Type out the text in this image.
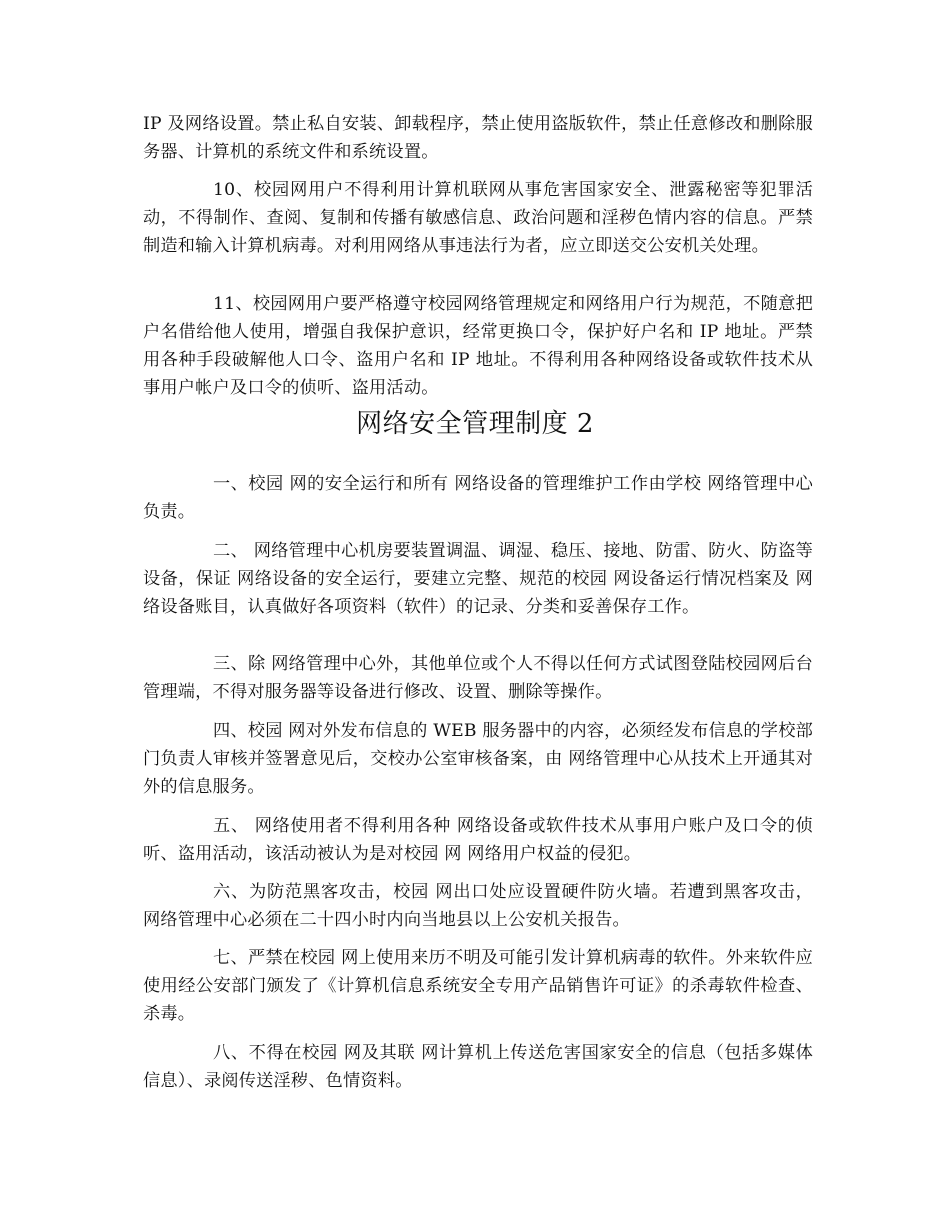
IP 及网络设置。禁止私自安装、卸载程序，禁止使用盗版软件，禁止任意修改和删除服务器、计算机的系统文件和系统设置。

10、校园网用户不得利用计算机联网从事危害国家安全、泄露秘密等犯罪活动，不得制作、查阅、复制和传播有敏感信息、政治问题和淫秽色情内容的信息。严禁制造和输入计算机病毒。对利用网络从事违法行为者，应立即送交公安机关处理。

11、校园网用户要严格遵守校园网络管理规定和网络用户行为规范，不随意把户名借给他人使用，增强自我保护意识，经常更换口令，保护好户名和 IP 地址。严禁用各种手段破解他人口令、盗用户名和 IP 地址。不得利用各种网络设备或软件技术从事用户帐户及口令的侦听、盗用活动。

网络安全管理制度 2

一、校园 网的安全运行和所有 网络设备的管理维护工作由学校 网络管理中心负责。

二、 网络管理中心机房要装置调温、调湿、稳压、接地、防雷、防火、防盗等设备，保证 网络设备的安全运行，要建立完整、规范的校园 网设备运行情况档案及 网络设备账目，认真做好各项资料（软件）的记录、分类和妥善保存工作。

三、除 网络管理中心外，其他单位或个人不得以任何方式试图登陆校园网后台管理端，不得对服务器等设备进行修改、设置、删除等操作。

四、校园 网对外发布信息的 WEB 服务器中的内容，必须经发布信息的学校部门负责人审核并签署意见后，交校办公室审核备案，由 网络管理中心从技术上开通其对外的信息服务。

五、 网络使用者不得利用各种 网络设备或软件技术从事用户账户及口令的侦听、盗用活动，该活动被认为是对校园 网 网络用户权益的侵犯。

六、为防范黑客攻击，校园 网出口处应设置硬件防火墙。若遭到黑客攻击， 网络管理中心必须在二十四小时内向当地县以上公安机关报告。

七、严禁在校园 网上使用来历不明及可能引发计算机病毒的软件。外来软件应使用经公安部门颁发了《计算机信息系统安全专用产品销售许可证》的杀毒软件检查、杀毒。

八、不得在校园 网及其联 网计算机上传送危害国家安全的信息（包括多媒体信息）、录阅传送淫秽、色情资料。
